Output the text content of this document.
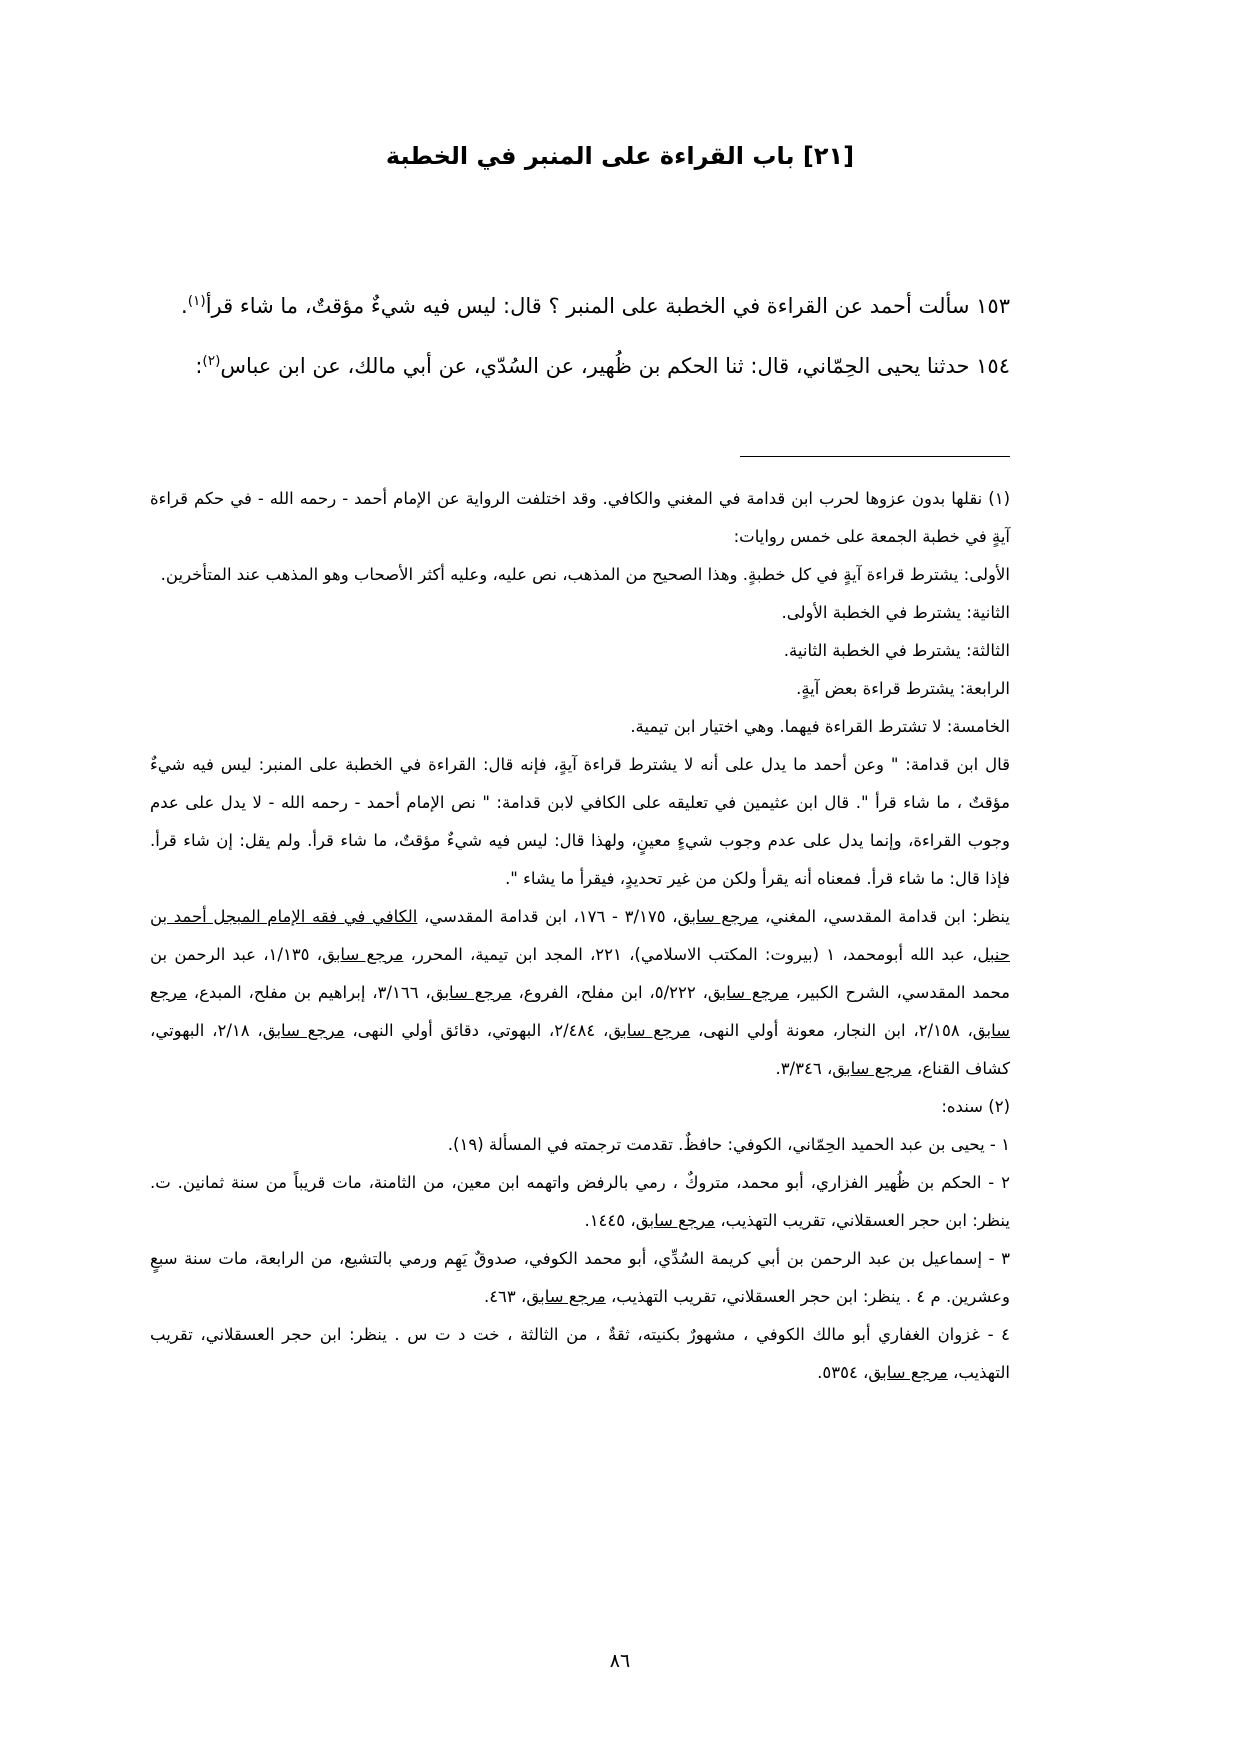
[٢١] باب القراءة على المنبر في الخطبة

١٥٣ سألت أحمد عن القراءة في الخطبة على المنبر ؟ قال: ليس فيه شيءٌ مؤقتٌ، ما شاء قرأ$^{(١)}$.

١٥٤ حدثنا يحيى الحِمّاني، قال: ثنا الحكم بن ظُهير، عن السُدّي، عن أبي مالك، عن ابن عباس$^{(٢)}$:

(١) نقلها بدون عزوها لحرب ابن قدامة في المغني والكافي. وقد اختلفت الرواية عن الإمام أحمد - رحمه الله - في حكم قراءة آيةٍ في خطبة الجمعة على خمس روايات:

الأولى: يشترط قراءة آيةٍ في كل خطبةٍ. وهذا الصحيح من المذهب، نص عليه، وعليه أكثر الأصحاب وهو المذهب عند المتأخرين.

الثانية: يشترط في الخطبة الأولى.

الثالثة: يشترط في الخطبة الثانية.

الرابعة: يشترط قراءة بعض آيةٍ.

الخامسة: لا تشترط القراءة فيهما. وهي اختيار ابن تيمية.

قال ابن قدامة: " وعن أحمد ما يدل على أنه لا يشترط قراءة آيةٍ، فإنه قال: القراءة في الخطبة على المنبر: ليس فيه شيءٌ مؤقتٌ ، ما شاء قرأ ". قال ابن عثيمين في تعليقه على الكافي لابن قدامة: " نص الإمام أحمد - رحمه الله - لا يدل على عدم وجوب القراءة، وإنما يدل على عدم وجوب شيءٍ معينٍ، ولهذا قال: ليس فيه شيءٌ مؤقتٌ، ما شاء قرأ. ولم يقل: إن شاء قرأ. فإذا قال: ما شاء قرأ. فمعناه أنه يقرأ ولكن من غير تحديدٍ، فيقرأ ما يشاء ".

ينظر: ابن قدامة المقدسي، المغني، مرجع سابق، ٣/١٧٥ - ١٧٦، ابن قدامة المقدسي، الكافي في فقه الإمام المبجل أحمد بن حنبل، عبد الله أبومحمد، ١ (بيروت: المكتب الاسلامي)، ٢٢١، المجد ابن تيمية، المحرر، مرجع سابق، ١/١٣٥، عبد الرحمن بن محمد المقدسي، الشرح الكبير، مرجع سابق، ٥/٢٢٢، ابن مفلح، الفروع، مرجع سابق، ٣/١٦٦، إبراهيم بن مفلح، المبدع، مرجع سابق، ٢/١٥٨، ابن النجار، معونة أولي النهى، مرجع سابق، ٢/٤٨٤، البهوتي، دقائق أولي النهى، مرجع سابق، ٢/١٨، البهوتي، كشاف القناع، مرجع سابق، ٣/٣٤٦.

(٢) سنده:

١ - يحيى بن عبد الحميد الحِمّاني، الكوفي: حافظٌ. تقدمت ترجمته في المسألة (١٩).

٢ - الحكم بن ظُهير الفزاري، أبو محمد، متروكٌ ، رمي بالرفض واتهمه ابن معين، من الثامنة، مات قريباً من سنة ثمانين. ت. ينظر: ابن حجر العسقلاني، تقريب التهذيب، مرجع سابق، ١٤٤٥.

٣ - إسماعيل بن عبد الرحمن بن أبي كريمة السُدِّي، أبو محمد الكوفي، صدوقٌ يَهِم ورمي بالتشيع، من الرابعة، مات سنة سبعٍ وعشرين. م ٤ . ينظر: ابن حجر العسقلاني، تقريب التهذيب، مرجع سابق، ٤٦٣.

٤ - غزوان الغفاري أبو مالك الكوفي ، مشهورٌ بكنيته، ثقةٌ ، من الثالثة ، خت د ت س . ينظر: ابن حجر العسقلاني، تقريب التهذيب، مرجع سابق، ٥٣٥٤.

٨٦
